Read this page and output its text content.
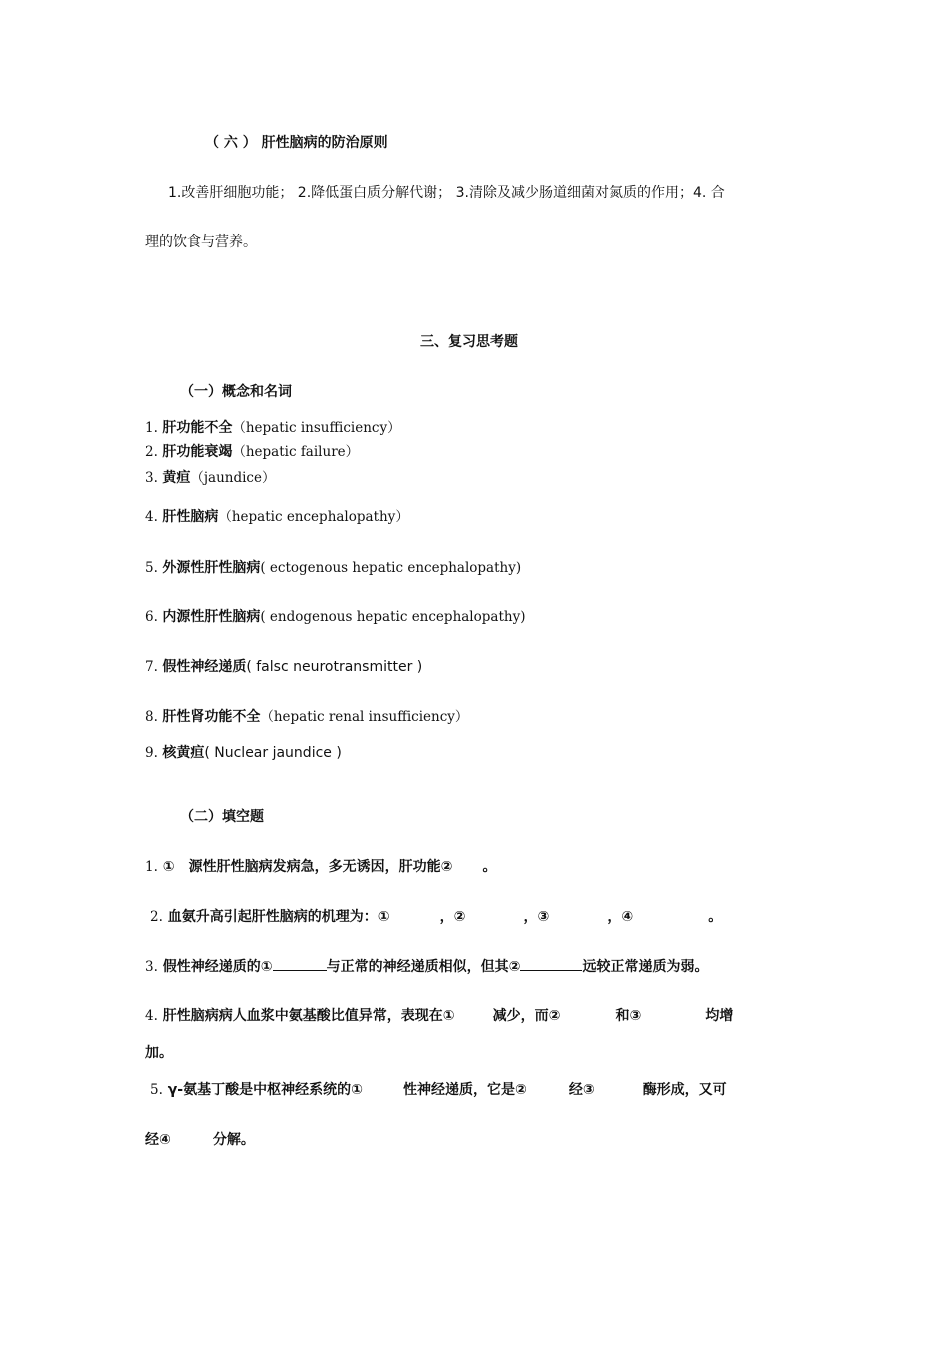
（ 六 ） 肝性脑病的防治原则
1.改善肝细胞功能； 2.降低蛋白质分解代谢； 3.清除及减少肠道细菌对氮质的作用；4. 合
理的饮食与营养。
三、复习思考题
（一）概念和名词
1. 肝功能不全（hepatic insufficiency）
2. 肝功能衰竭（hepatic failure）
3. 黄疸（jaundice）
4. 肝性脑病（hepatic encephalopathy）
5. 外源性肝性脑病( ectogenous hepatic encephalopathy)
6. 内源性肝性脑病( endogenous hepatic encephalopathy)
7. 假性神经递质( falsc neurotransmitter )
8. 肝性肾功能不全（hepatic renal insufficiency）
9. 核黄疸( Nuclear jaundice )
（二）填空题
1. ① 源性肝性脑病发病急，多无诱因，肝功能② 。
2. 血氨升高引起肝性脑病的机理为：①	，②	，③	，④	。
3. 假性神经递质的①	与正常的神经递质相似，但其②	远较正常递质为弱。
4. 肝性脑病病人血浆中氨基酸比值异常，表现在①	减少，而②	和③	均增
加。
5. γ-氨基丁酸是中枢神经系统的①	性神经递质，它是②	经③	酶形成，又可
经④	分解。
